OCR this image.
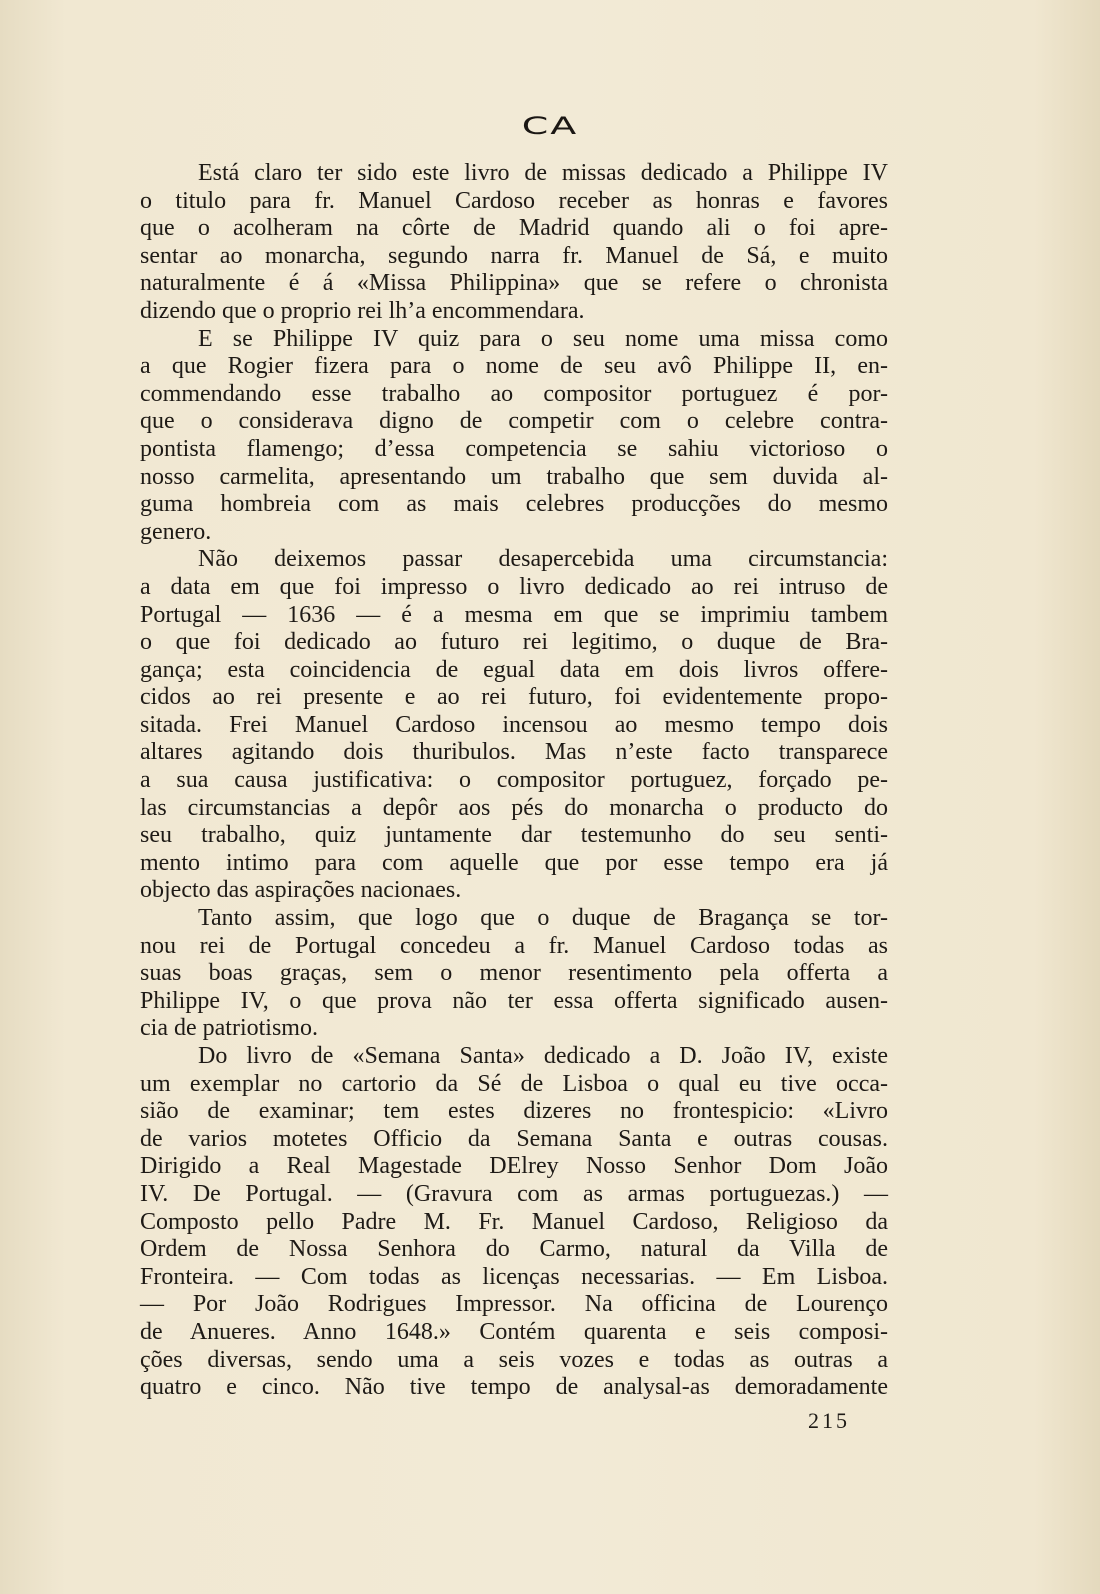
CA
Está claro ter sido este livro de missas dedicado a Philippe IV
o titulo para fr. Manuel Cardoso receber as honras e favores
que o acolheram na côrte de Madrid quando ali o foi apre-
sentar ao monarcha, segundo narra fr. Manuel de Sá, e muito
naturalmente é á «Missa Philippina» que se refere o chronista
dizendo que o proprio rei lh’a encommendara.
E se Philippe IV quiz para o seu nome uma missa como
a que Rogier fizera para o nome de seu avô Philippe II, en-
commendando esse trabalho ao compositor portuguez é por-
que o considerava digno de competir com o celebre contra-
pontista flamengo; d’essa competencia se sahiu victorioso o
nosso carmelita, apresentando um trabalho que sem duvida al-
guma hombreia com as mais celebres producções do mesmo
genero.
Não deixemos passar desapercebida uma circumstancia:
a data em que foi impresso o livro dedicado ao rei intruso de
Portugal — 1636 — é a mesma em que se imprimiu tambem
o que foi dedicado ao futuro rei legitimo, o duque de Bra-
gança; esta coincidencia de egual data em dois livros offere-
cidos ao rei presente e ao rei futuro, foi evidentemente propo-
sitada. Frei Manuel Cardoso incensou ao mesmo tempo dois
altares agitando dois thuribulos. Mas n’este facto transparece
a sua causa justificativa: o compositor portuguez, forçado pe-
las circumstancias a depôr aos pés do monarcha o producto do
seu trabalho, quiz juntamente dar testemunho do seu senti-
mento intimo para com aquelle que por esse tempo era já
objecto das aspirações nacionaes.
Tanto assim, que logo que o duque de Bragança se tor-
nou rei de Portugal concedeu a fr. Manuel Cardoso todas as
suas boas graças, sem o menor resentimento pela offerta a
Philippe IV, o que prova não ter essa offerta significado ausen-
cia de patriotismo.
Do livro de «Semana Santa» dedicado a D. João IV, existe
um exemplar no cartorio da Sé de Lisboa o qual eu tive occa-
sião de examinar; tem estes dizeres no frontespicio: «Livro
de varios motetes Officio da Semana Santa e outras cousas.
Dirigido a Real Magestade DElrey Nosso Senhor Dom João
IV. De Portugal. — (Gravura com as armas portuguezas.) —
Composto pello Padre M. Fr. Manuel Cardoso, Religioso da
Ordem de Nossa Senhora do Carmo, natural da Villa de
Fronteira. — Com todas as licenças necessarias. — Em Lisboa.
— Por João Rodrigues Impressor. Na officina de Lourenço
de Anueres. Anno 1648.» Contém quarenta e seis composi-
ções diversas, sendo uma a seis vozes e todas as outras a
quatro e cinco. Não tive tempo de analysal-as demoradamente
215
